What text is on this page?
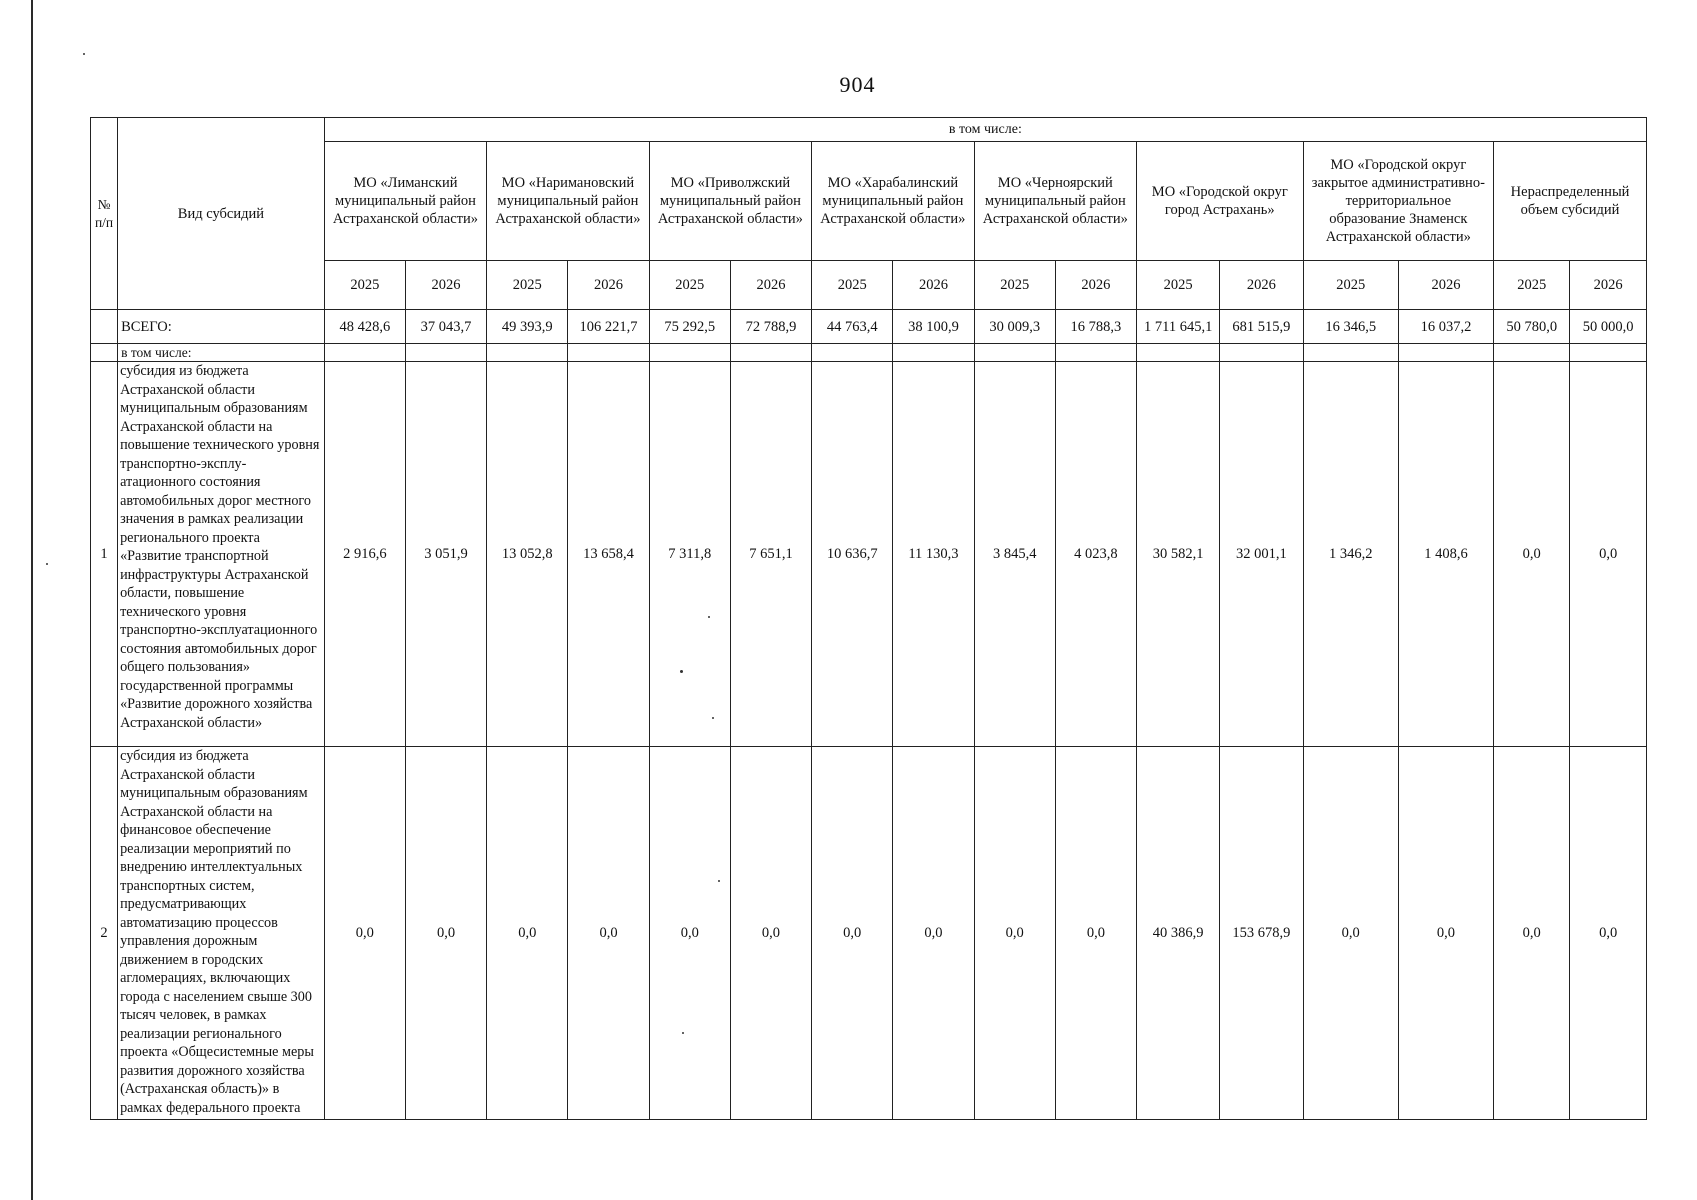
904
№ п/п	Вид субсидий	в том числе:															
		МО «Лиманский муниципальный район Астраханской области»		МО «Наримановский муниципальный район Астраханской области»		МО «Приволжский муниципальный район Астраханской области»		МО «Харабалинский муниципальный район Астраханской области»		МО «Черноярский муниципальный район Астраханской области»		МО «Городской округ город Астрахань»		МО «Городской округ закрытое административно-территориальное образование Знаменск Астраханской области»		Нераспределенный объем субсидий	
		2025	2026	2025	2026	2025	2026	2025	2026	2025	2026	2025	2026	2025	2026	2025	2026
	ВСЕГО:	48 428,6	37 043,7	49 393,9	106 221,7	75 292,5	72 788,9	44 763,4	38 100,9	30 009,3	16 788,3	1 711 645,1	681 515,9	16 346,5	16 037,2	50 780,0	50 000,0
	в том числе:																
1	субсидия из бюджета Астраханской области муниципальным образованиям Астраханской области на повышение технического уровня транспортно-эксплу-атационного состояния автомобильных дорог местного значения в рамках реализации регионального проекта «Развитие транспортной инфраструктуры Астраханской области, повышение технического уровня транспортно-эксплуатационного состояния автомобильных дорог общего пользования» государственной программы «Развитие дорожного хозяйства Астраханской области»	2 916,6	3 051,9	13 052,8	13 658,4	7 311,8	7 651,1	10 636,7	11 130,3	3 845,4	4 023,8	30 582,1	32 001,1	1 346,2	1 408,6	0,0	0,0
2	субсидия из бюджета Астраханской области муниципальным образованиям Астраханской области на финансовое обеспечение реализации мероприятий по внедрению интеллектуальных транспортных систем, предусматривающих автоматизацию процессов управления дорожным движением в городских агломерациях, включающих города с населением свыше 300 тысяч человек, в рамках реализации регионального проекта «Общесистемные меры развития дорожного хозяйства (Астраханская область)» в рамках федерального проекта	0,0	0,0	0,0	0,0	0,0	0,0	0,0	0,0	0,0	0,0	40 386,9	153 678,9	0,0	0,0	0,0	0,0
